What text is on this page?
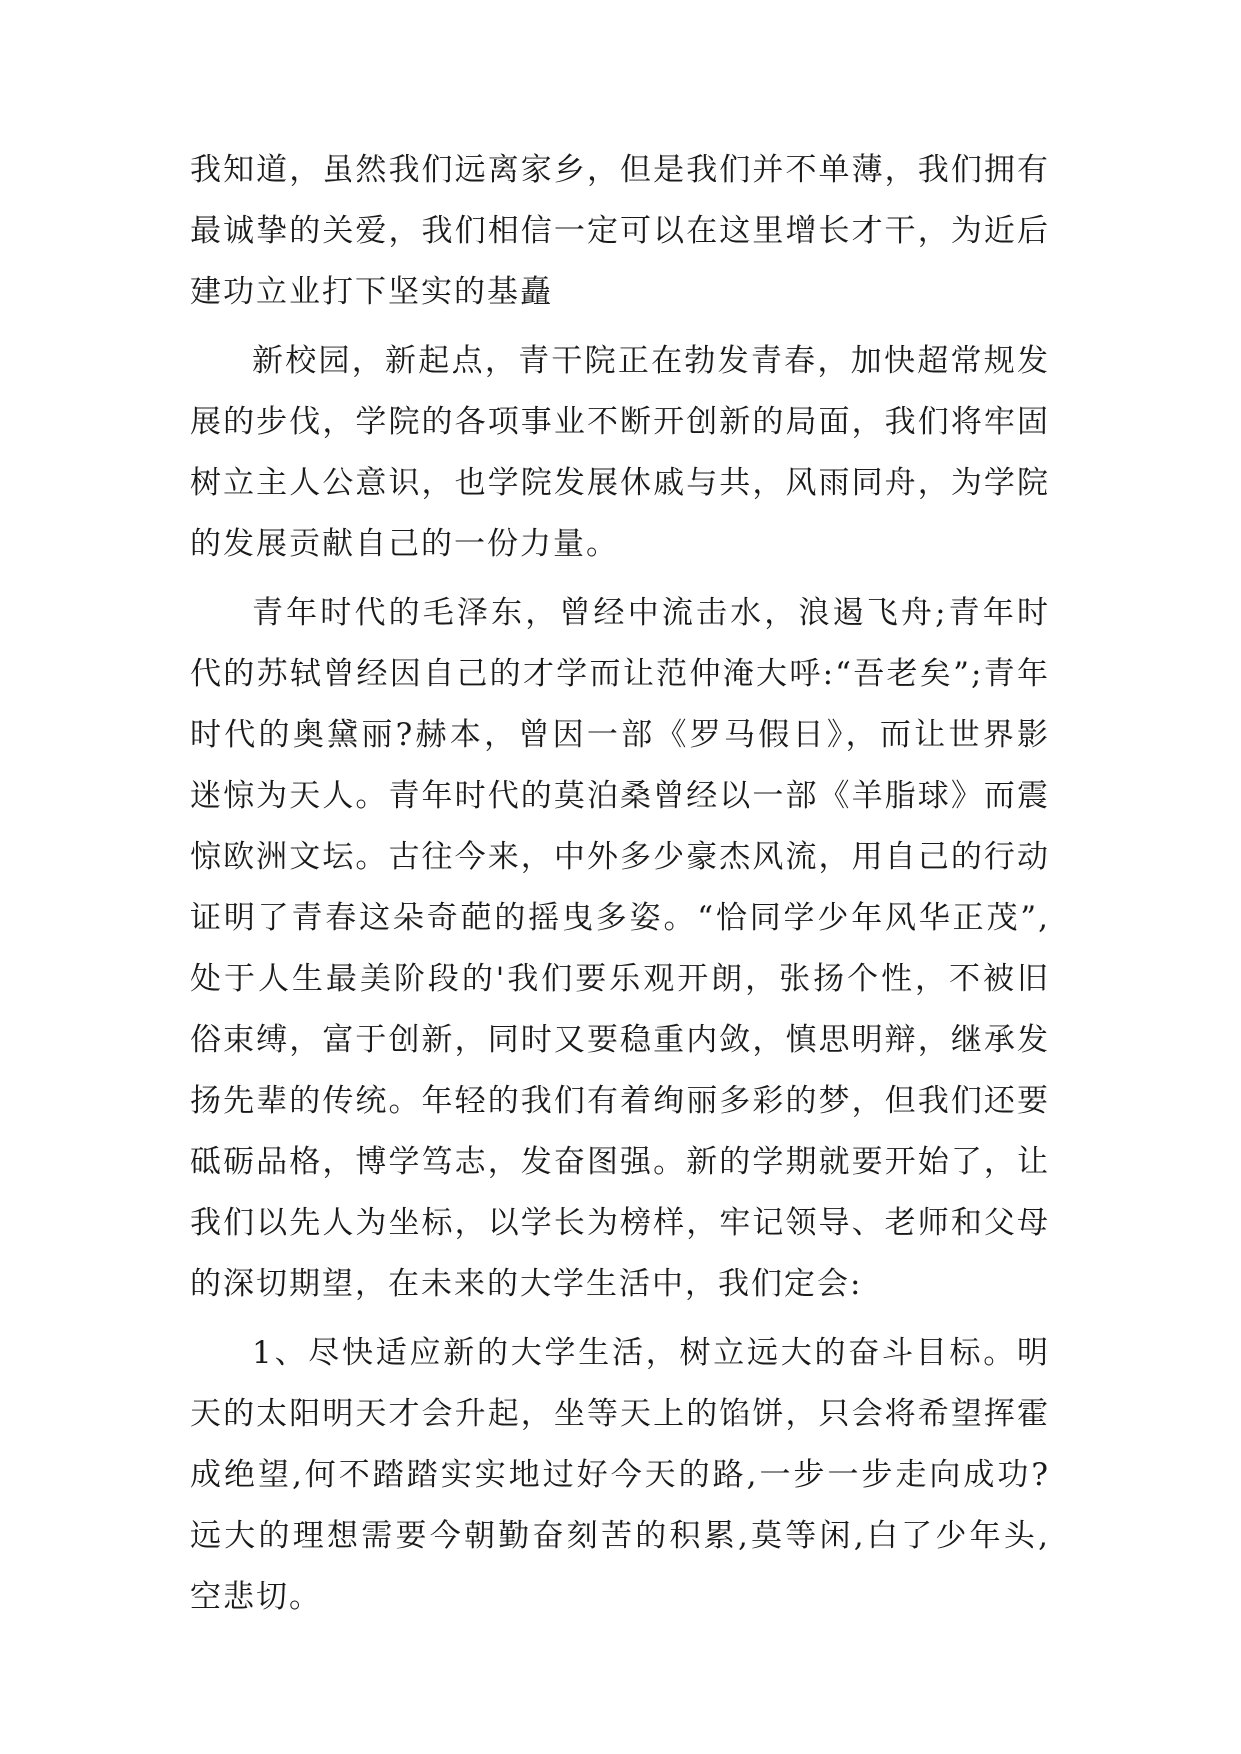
我知道，虽然我们远离家乡，但是我们并不单薄，我们拥有最诚挚的关爱，我们相信一定可以在这里增长才干，为近后建功立业打下坚实的基矗

新校园，新起点，青干院正在勃发青春，加快超常规发展的步伐，学院的各项事业不断开创新的局面，我们将牢固树立主人公意识，也学院发展休戚与共，风雨同舟，为学院的发展贡献自己的一份力量。

青年时代的毛泽东，曾经中流击水，浪遏飞舟;青年时代的苏轼曾经因自己的才学而让范仲淹大呼:“吾老矣”;青年时代的奥黛丽?赫本，曾因一部《罗马假日》，而让世界影迷惊为天人。青年时代的莫泊桑曾经以一部《羊脂球》而震惊欧洲文坛。古往今来，中外多少豪杰风流，用自己的行动证明了青春这朵奇葩的摇曳多姿。“恰同学少年风华正茂”,处于人生最美阶段的'我们要乐观开朗，张扬个性，不被旧俗束缚，富于创新，同时又要稳重内敛，慎思明辩，继承发扬先辈的传统。年轻的我们有着绚丽多彩的梦，但我们还要砥砺品格，博学笃志，发奋图强。新的学期就要开始了，让我们以先人为坐标，以学长为榜样，牢记领导、老师和父母的深切期望，在未来的大学生活中，我们定会:

1、尽快适应新的大学生活，树立远大的奋斗目标。明天的太阳明天才会升起，坐等天上的馅饼，只会将希望挥霍成绝望,何不踏踏实实地过好今天的路,一步一步走向成功?远大的理想需要今朝勤奋刻苦的积累,莫等闲,白了少年头,空悲切。
